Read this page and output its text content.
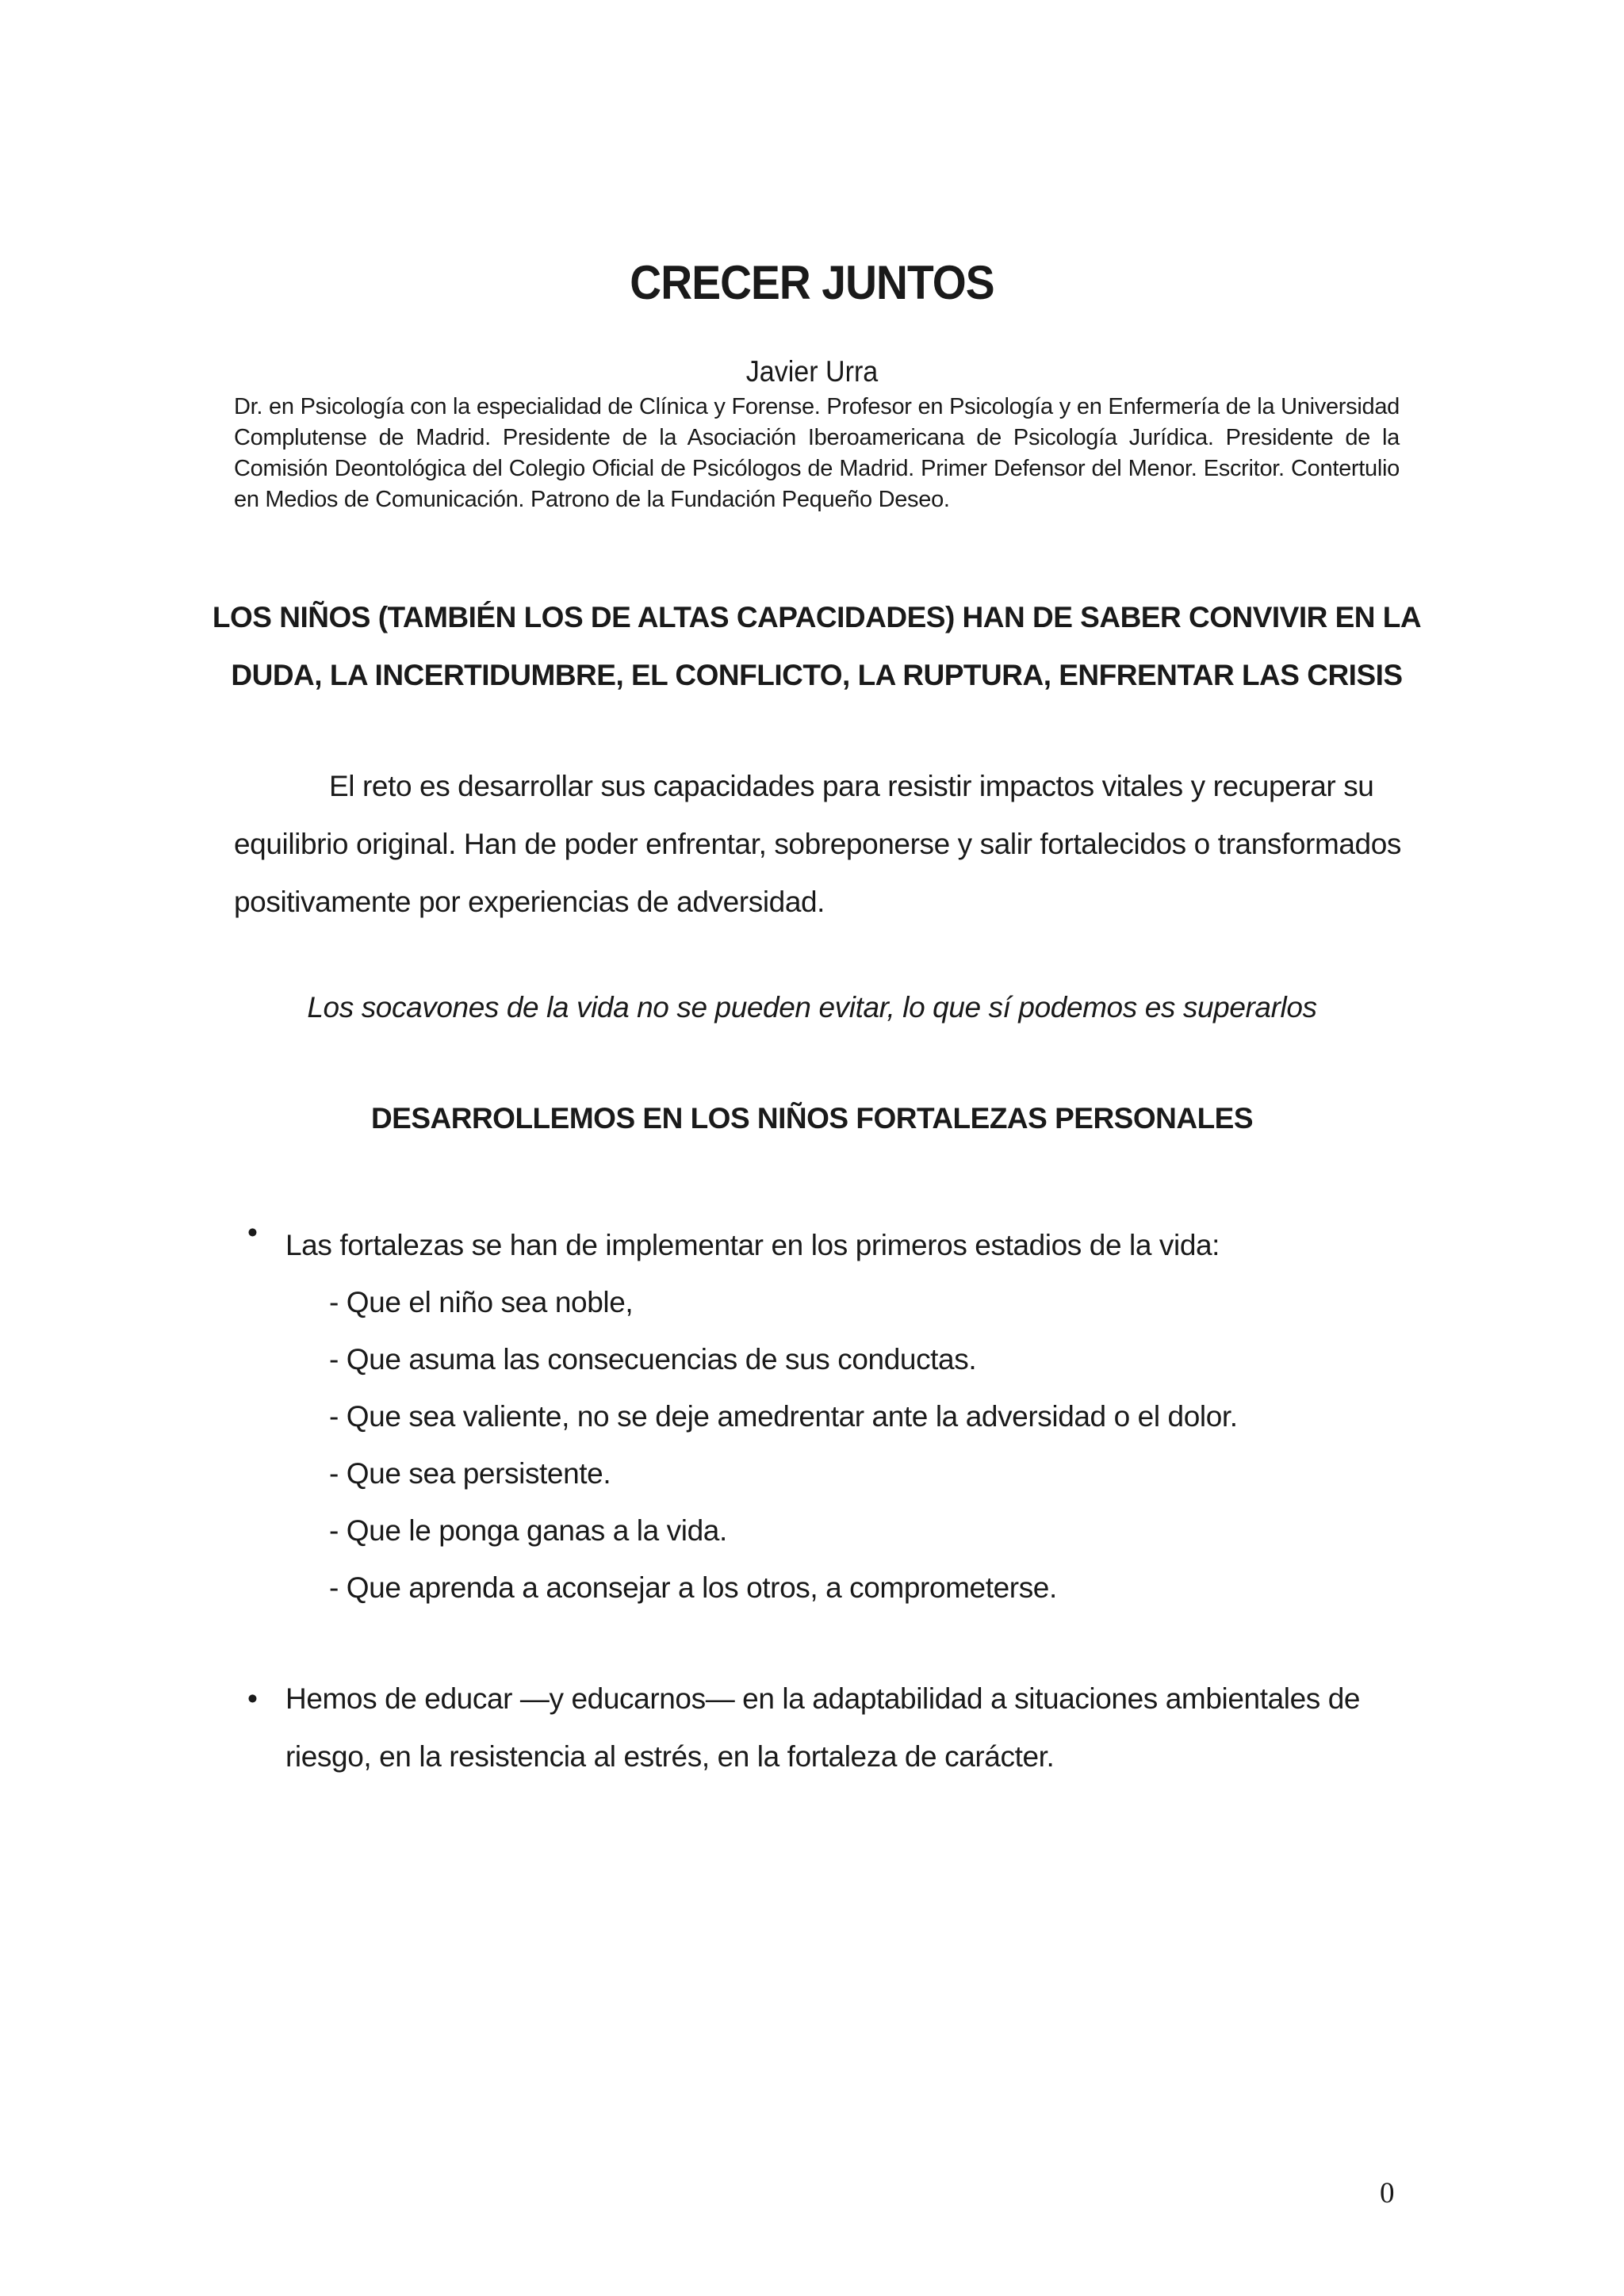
CRECER JUNTOS
Javier Urra
Dr. en Psicología con la especialidad de Clínica y Forense. Profesor en Psicología y en Enfermería de la Universidad Complutense de Madrid. Presidente de la Asociación Iberoamericana de Psicología Jurídica. Presidente de la Comisión Deontológica del Colegio Oficial de Psicólogos de Madrid. Primer Defensor del Menor. Escritor. Contertulio en Medios de Comunicación. Patrono de la Fundación Pequeño Deseo.
LOS NIÑOS (TAMBIÉN LOS DE ALTAS CAPACIDADES) HAN DE SABER CONVIVIR EN LA
DUDA, LA INCERTIDUMBRE, EL CONFLICTO, LA RUPTURA, ENFRENTAR LAS CRISIS
El reto es desarrollar sus capacidades para resistir impactos vitales y recuperar su equilibrio original. Han de poder enfrentar, sobreponerse y salir fortalecidos o transformados positivamente por experiencias de adversidad.
Los socavones de la vida no se pueden evitar, lo que sí podemos es superarlos
DESARROLLEMOS EN LOS NIÑOS FORTALEZAS PERSONALES
• Las fortalezas se han de implementar en los primeros estadios de la vida:
- Que el niño sea noble,
- Que asuma las consecuencias de sus conductas.
- Que sea valiente, no se deje amedrentar ante la adversidad o el dolor.
- Que sea persistente.
- Que le ponga ganas a la vida.
- Que aprenda a aconsejar a los otros, a comprometerse.
• Hemos de educar —y educarnos— en la adaptabilidad a situaciones ambientales de riesgo, en la resistencia al estrés, en la fortaleza de carácter.
0
